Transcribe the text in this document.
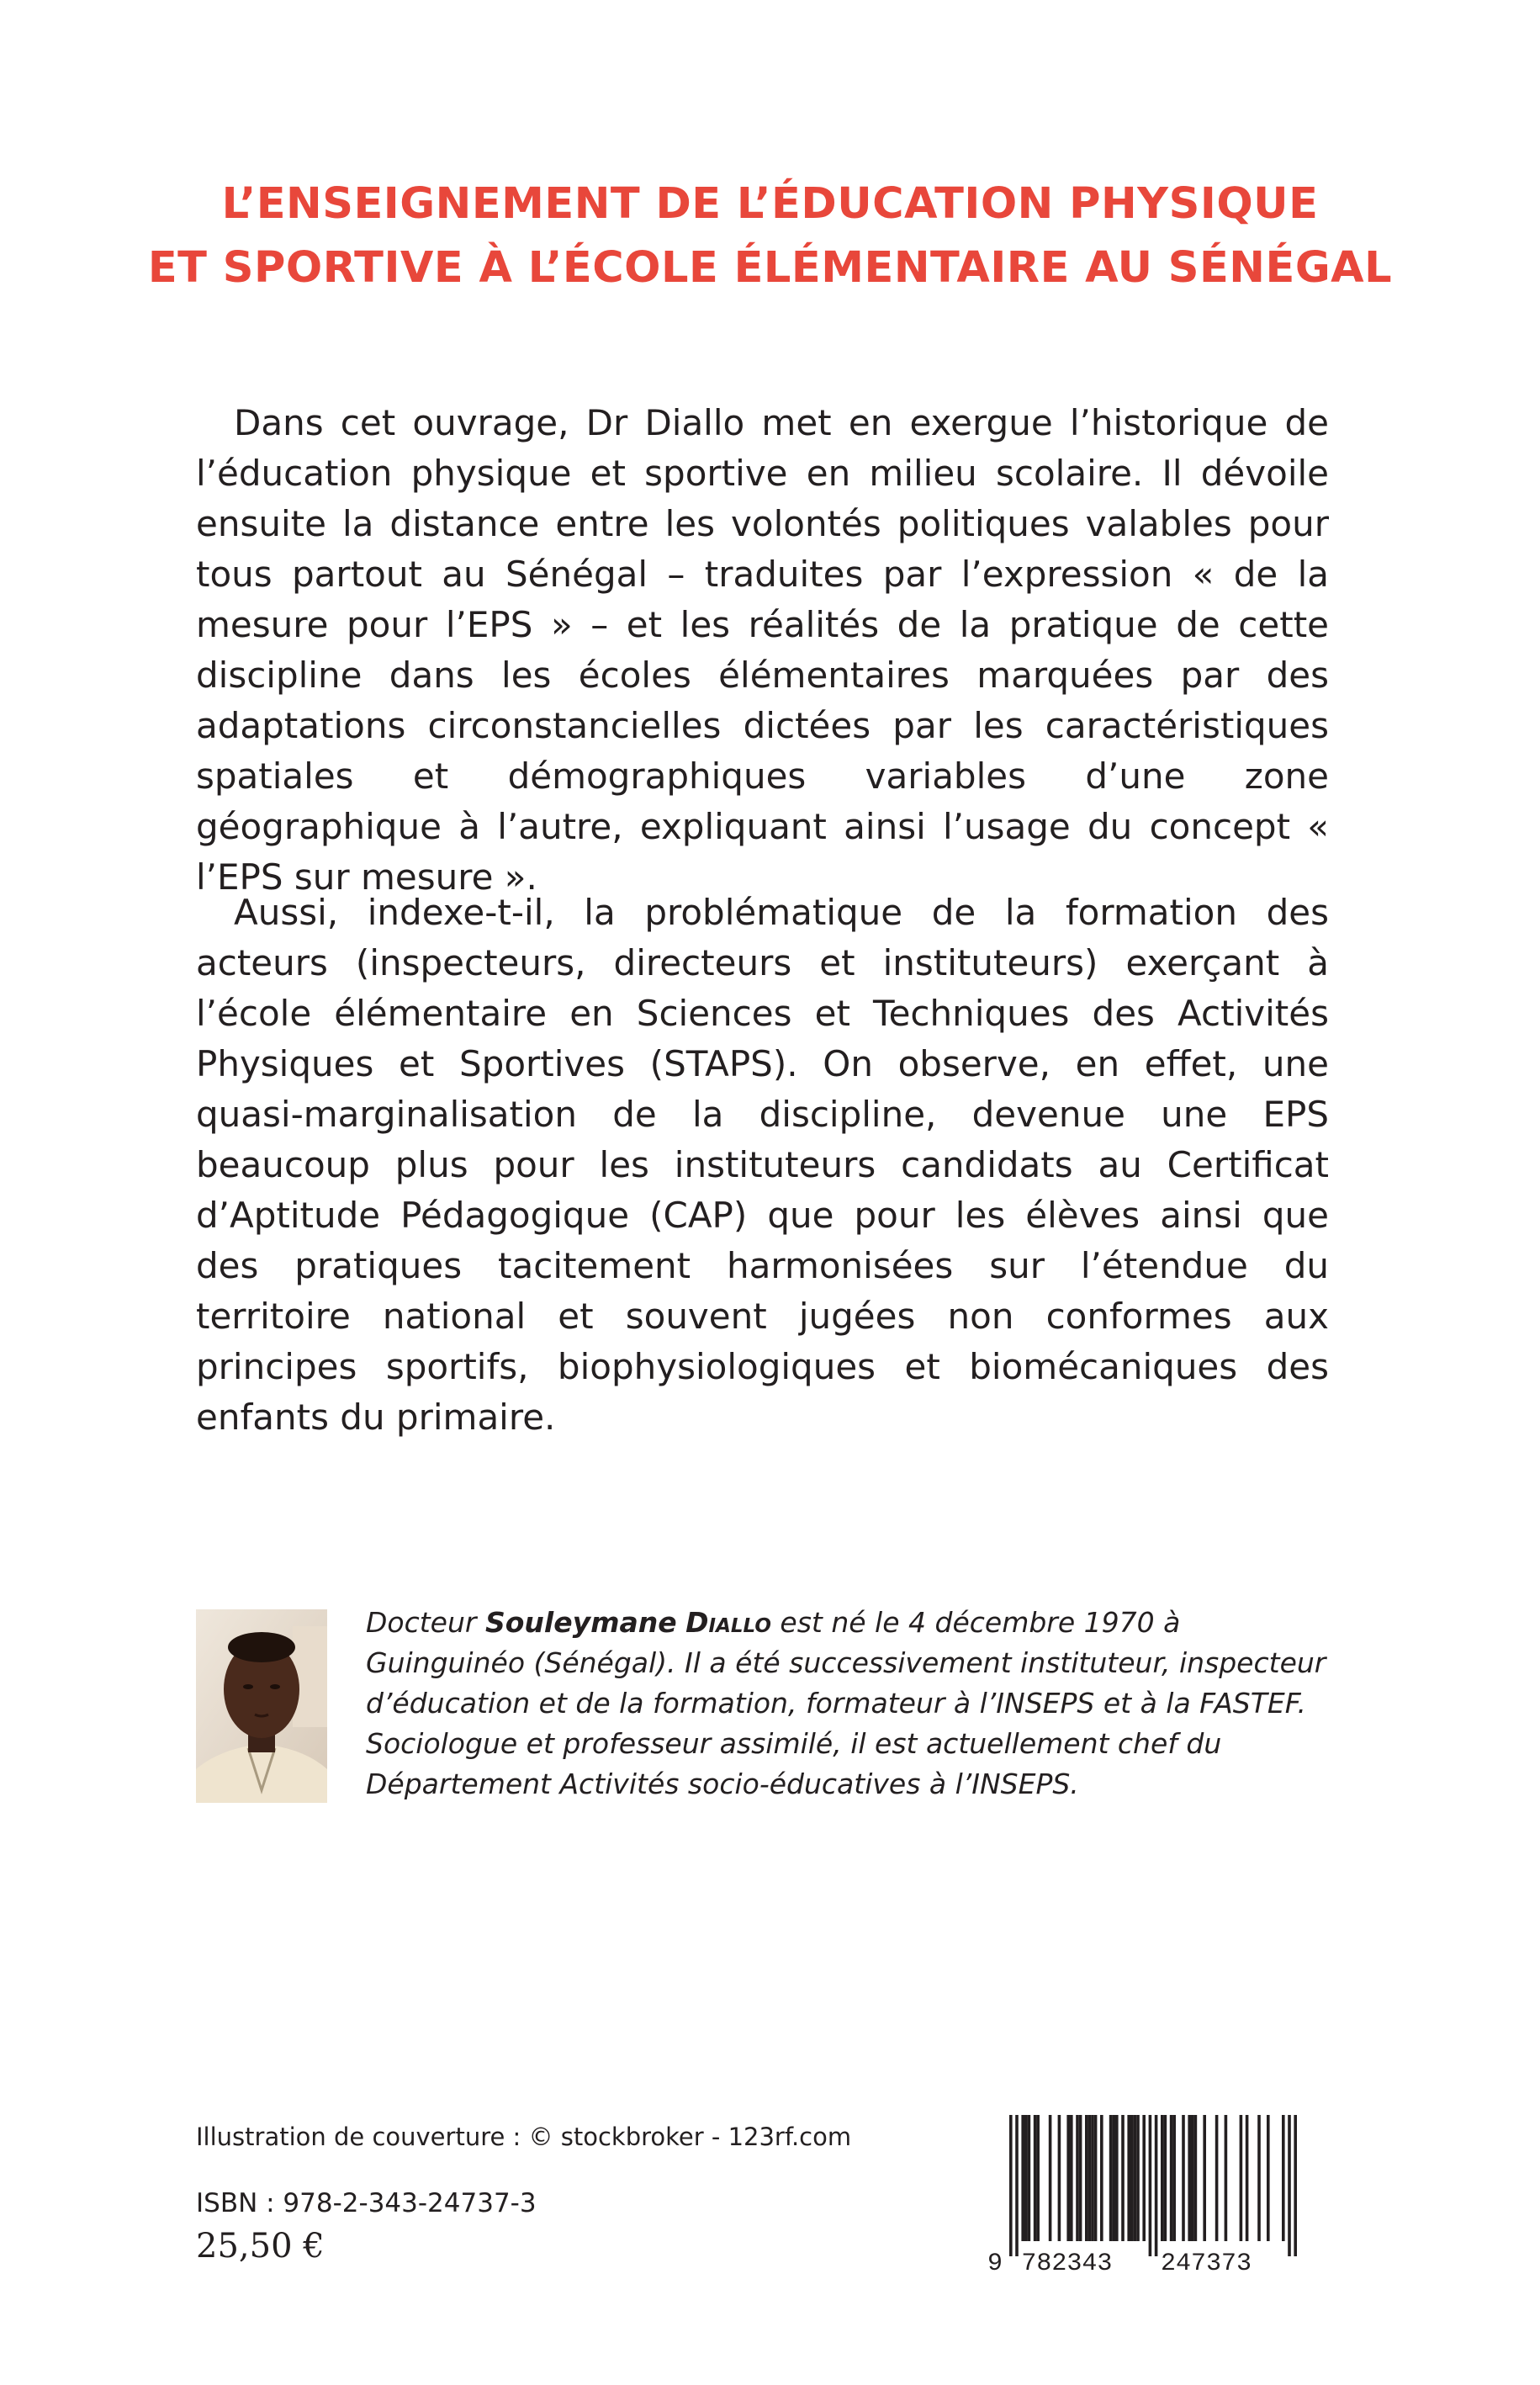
L’ENSEIGNEMENT DE L’ÉDUCATION PHYSIQUE
ET SPORTIVE À L’ÉCOLE ÉLÉMENTAIRE AU SÉNÉGAL

Dans cet ouvrage, Dr Diallo met en exergue l’historique de l’éducation physique et sportive en milieu scolaire. Il dévoile ensuite la distance entre les volontés politiques valables pour tous partout au Sénégal – traduites par l’expression « de la mesure pour l’EPS » – et les réalités de la pratique de cette discipline dans les écoles élémentaires marquées par des adaptations circonstancielles dictées par les caractéristiques spatiales et démographiques variables d’une zone géographique à l’autre, expliquant ainsi l’usage du concept « l’EPS sur mesure ».

Aussi, indexe-t-il, la problématique de la formation des acteurs (inspecteurs, directeurs et instituteurs) exerçant à l’école élémentaire en Sciences et Techniques des Activités Physiques et Sportives (STAPS). On observe, en effet, une quasi-marginalisation de la discipline, devenue une EPS beaucoup plus pour les instituteurs candidats au Certificat d’Aptitude Pédagogique (CAP) que pour les élèves ainsi que des pratiques tacitement harmonisées sur l’étendue du territoire national et souvent jugées non conformes aux principes sportifs, biophysiologiques et biomécaniques des enfants du primaire.

Docteur Souleymane Diallo est né le 4 décembre 1970 à Guinguinéo (Sénégal). Il a été successivement instituteur, inspecteur d’éducation et de la formation, formateur à l’INSEPS et à la FASTEF. Sociologue et professeur assimilé, il est actuellement chef du Département Activités socio-éducatives à l’INSEPS.

Illustration de couverture : © stockbroker - 123rf.com
ISBN : 978-2-343-24737-3
25,50 €	9 782343 247373
